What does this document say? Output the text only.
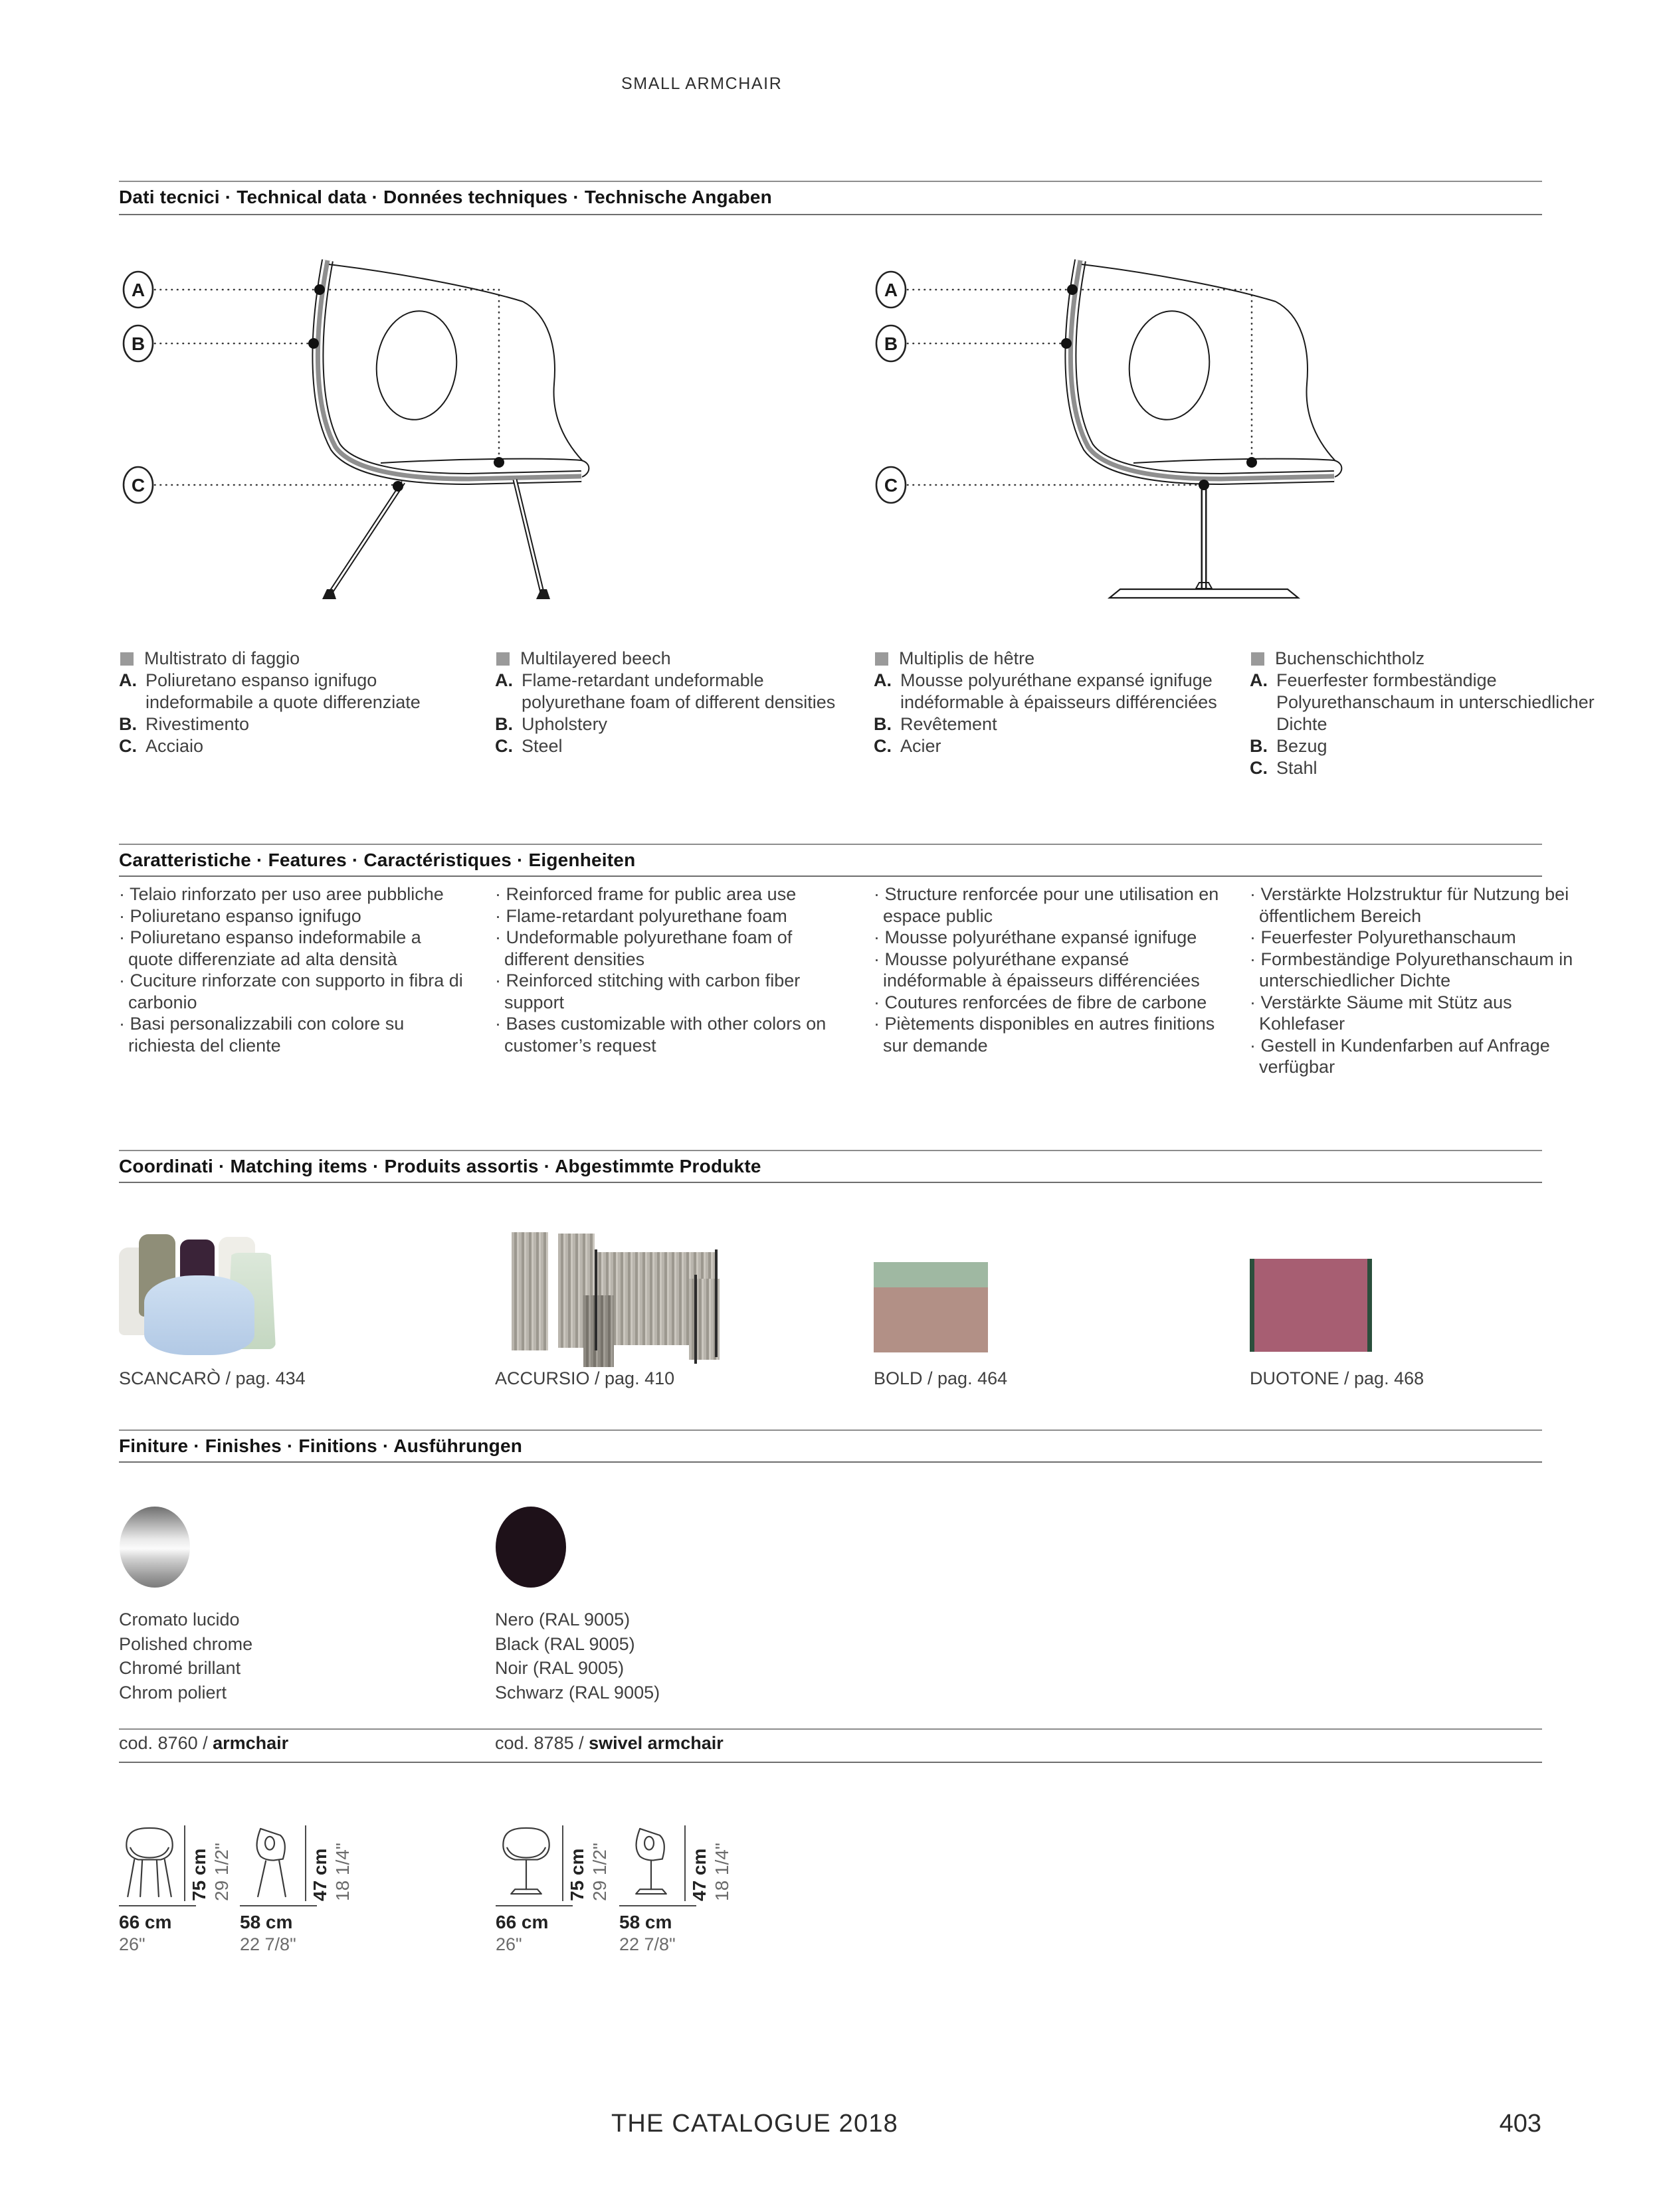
SMALL ARMCHAIR
Dati tecnici · Technical data · Données techniques · Technische Angaben
A
B
C
A
B
C
Multistrato di faggio
A. Poliuretano espanso ignifugo indeformabile a quote differenziate
B. Rivestimento
C. Acciaio
Multilayered beech
A. Flame-retardant undeformable polyurethane foam of different densities
B. Upholstery
C. Steel
Multiplis de hêtre
A. Mousse polyuréthane expansé ignifuge indéformable à épaisseurs différenciées
B. Revêtement
C. Acier
Buchenschichtholz
A. Feuerfester formbeständige Polyurethanschaum in unterschiedlicher Dichte
B. Bezug
C. Stahl
Caratteristiche · Features · Caractéristiques · Eigenheiten
· Telaio rinforzato per uso aree pubbliche
· Poliuretano espanso ignifugo
· Poliuretano espanso indeformabile a quote differenziate ad alta densità
· Cuciture rinforzate con supporto in fibra di carbonio
· Basi personalizzabili con colore su richiesta del cliente
· Reinforced frame for public area use
· Flame-retardant polyurethane foam
· Undeformable polyurethane foam of different densities
· Reinforced stitching with carbon fiber support
· Bases customizable with other colors on customer’s request
· Structure renforcée pour une utilisation en espace public
· Mousse polyuréthane expansé ignifuge
· Mousse polyuréthane expansé indéformable à épaisseurs différenciées
· Coutures renforcées de fibre de carbone
· Piètements disponibles en autres finitions sur demande
· Verstärkte Holzstruktur für Nutzung bei öffentlichem Bereich
· Feuerfester Polyurethanschaum
· Formbeständige Polyurethanschaum in unterschiedlicher Dichte
· Verstärkte Säume mit Stütz aus Kohlefaser
· Gestell in Kundenfarben auf Anfrage verfügbar
Coordinati · Matching items · Produits assortis · Abgestimmte Produkte
SCANCARÒ / pag. 434	ACCURSIO / pag. 410	BOLD / pag. 464	DUOTONE / pag. 468
Finiture · Finishes · Finitions · Ausführungen
Cromato lucido
Polished chrome
Chromé brillant
Chrom poliert
Nero (RAL 9005)
Black (RAL 9005)
Noir (RAL 9005)
Schwarz (RAL 9005)
cod. 8760 / armchair	cod. 8785 / swivel armchair
75 cm 29 1/2"
66 cm
26"
47 cm 18 1/4"
58 cm
22 7/8"
75 cm 29 1/2"
66 cm
26"
47 cm 18 1/4"
58 cm
22 7/8"
THE CATALOGUE 2018	403
